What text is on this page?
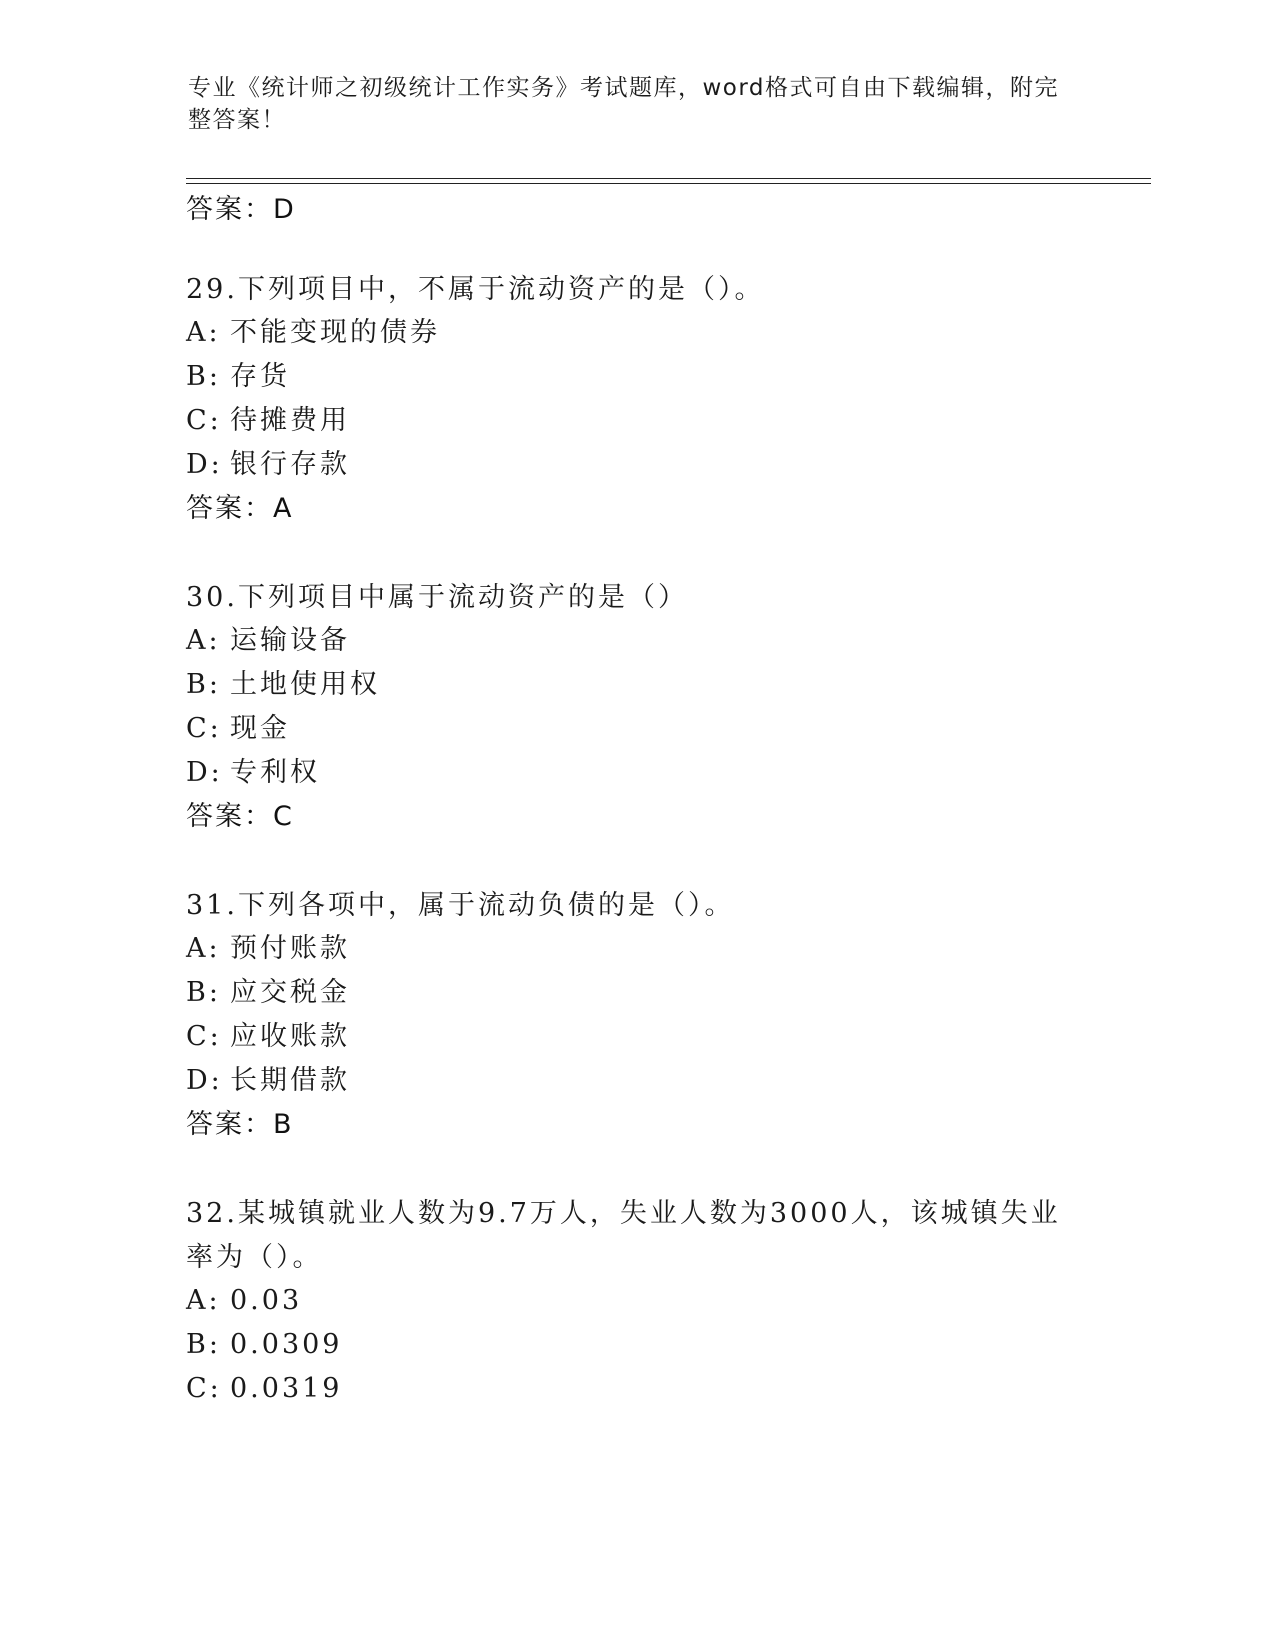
专业《统计师之初级统计工作实务》考试题库，word格式可自由下载编辑，附完整答案！
答案：D
29.下列项目中，不属于流动资产的是（）。
A: 不能变现的债券
B: 存货
C: 待摊费用
D: 银行存款
答案：A
30.下列项目中属于流动资产的是（）
A: 运输设备
B: 土地使用权
C: 现金
D: 专利权
答案：C
31.下列各项中，属于流动负债的是（）。
A: 预付账款
B: 应交税金
C: 应收账款
D: 长期借款
答案：B
32.某城镇就业人数为9.7万人，失业人数为3000人，该城镇失业率为（）。
A: 0.03
B: 0.0309
C: 0.0319
